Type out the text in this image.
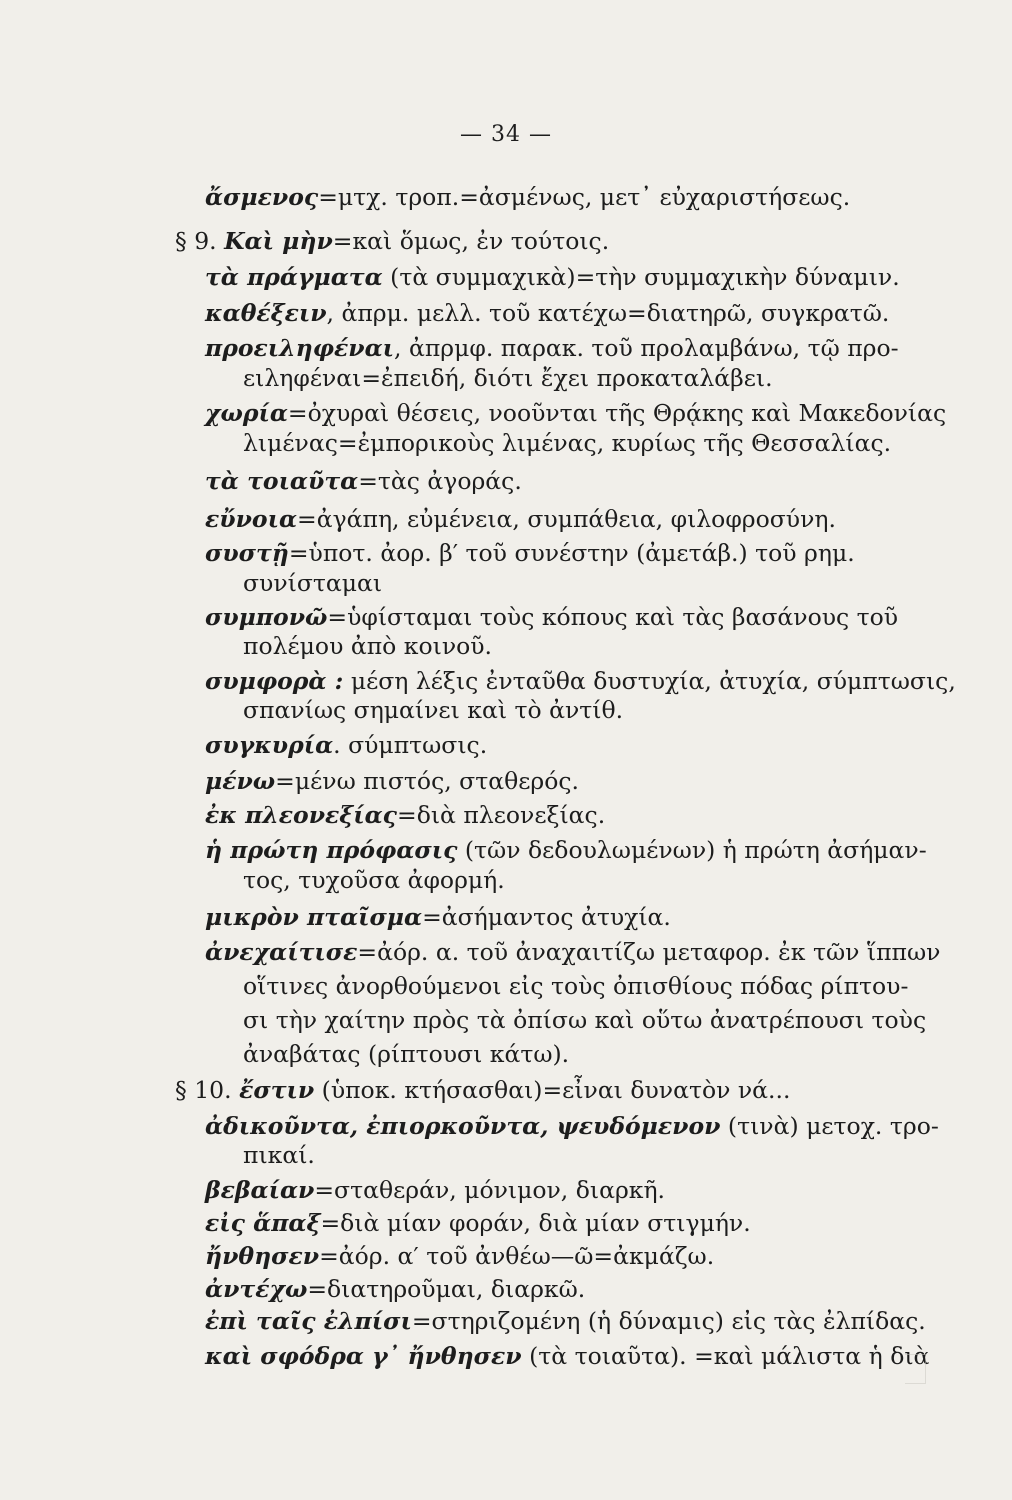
— 34 —
ἄσμενος=μτχ. τροπ.=ἀσμένως, μετ᾽ εὐχαριστήσεως.
§ 9. Καὶ μὴν=καὶ ὅμως, ἐν τούτοις.
τὰ πράγματα (τὰ συμμαχικὰ)=τὴν συμμαχικὴν δύναμιν.
καθέξειν, ἀπρμ. μελλ. τοῦ κατέχω=διατηρῶ, συγκρατῶ.
προειληφέναι, ἀπρμφ. παρακ. τοῦ προλαμβάνω, τῷ προ-
ειληφέναι=ἐπειδή, διότι ἔχει προκαταλάβει.
χωρία=ὀχυραὶ θέσεις, νοοῦνται τῆς Θρᾴκης καὶ Μακεδονίας
λιμένας=ἐμπορικοὺς λιμένας, κυρίως τῆς Θεσσαλίας.
τὰ τοιαῦτα=τὰς ἀγοράς.
εὔνοια=ἀγάπη, εὐμένεια, συμπάθεια, φιλοφροσύνη.
συστῇ=ὑποτ. ἀορ. β′ τοῦ συνέστην (ἀμετάβ.) τοῦ ρημ.
συνίσταμαι
συμπονῶ=ὑφίσταμαι τοὺς κόπους καὶ τὰς βασάνους τοῦ
πολέμου ἀπὸ κοινοῦ.
συμφορὰ : μέση λέξις ἐνταῦθα δυστυχία, ἀτυχία, σύμπτωσις,
σπανίως σημαίνει καὶ τὸ ἀντίθ.
συγκυρία. σύμπτωσις.
μένω=μένω πιστός, σταθερός.
ἐκ πλεονεξίας=διὰ πλεονεξίας.
ἡ πρώτη πρόφασις (τῶν δεδουλωμένων) ἡ πρώτη ἀσήμαν-
τος, τυχοῦσα ἀφορμή.
μικρὸν πταῖσμα=ἀσήμαντος ἀτυχία.
ἀνεχαίτισε=ἀόρ. α. τοῦ ἀναχαιτίζω μεταφορ. ἐκ τῶν ἵππων
οἵτινες ἀνορθούμενοι εἰς τοὺς ὀπισθίους πόδας ρίπτου-
σι τὴν χαίτην πρὸς τὰ ὀπίσω καὶ οὕτω ἀνατρέπουσι τοὺς
ἀναβάτας (ρίπτουσι κάτω).
§ 10. ἔστιν (ὑποκ. κτήσασθαι)=εἶναι δυνατὸν νά...
ἀδικοῦντα, ἐπιορκοῦντα, ψευδόμενον (τινὰ) μετοχ. τρο-
πικαί.
βεβαίαν=σταθεράν, μόνιμον, διαρκῆ.
εἰς ἅπαξ=διὰ μίαν φοράν, διὰ μίαν στιγμήν.
ἤνθησεν=ἀόρ. α′ τοῦ ἀνθέω—ῶ=ἀκμάζω.
ἀντέχω=διατηροῦμαι, διαρκῶ.
ἐπὶ ταῖς ἐλπίσι=στηριζομένη (ἡ δύναμις) εἰς τὰς ἐλπίδας.
καὶ σφόδρα γ᾽ ἤνθησεν (τὰ τοιαῦτα). =καὶ μάλιστα ἡ διὰ
